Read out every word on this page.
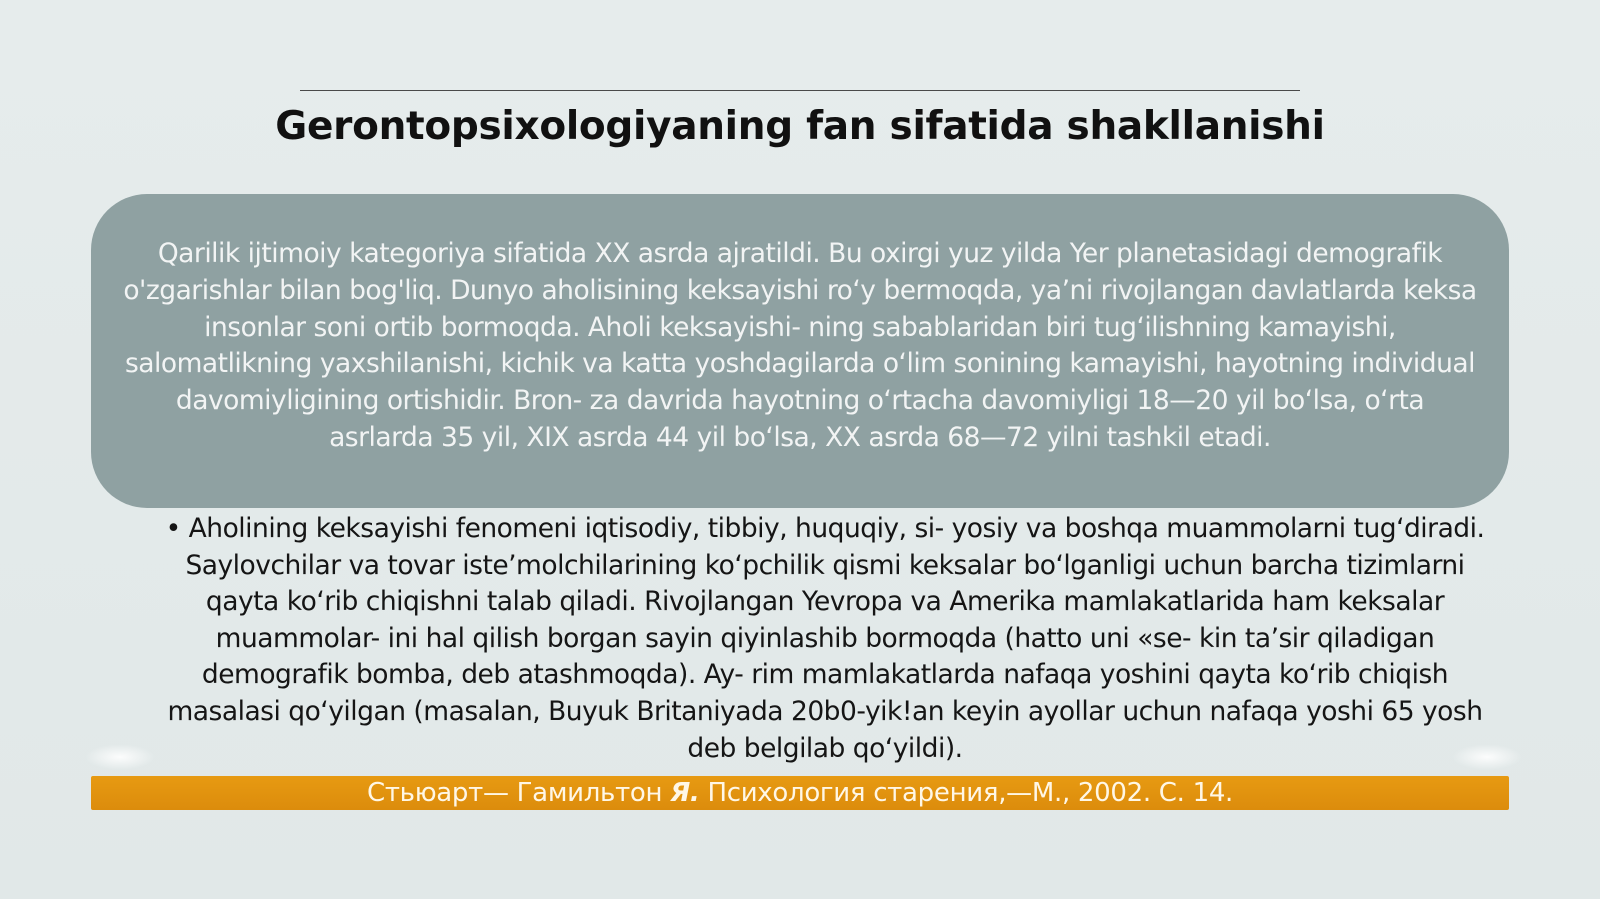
Gerontopsixologiyaning fan sifatida shakllanishi

Qarilik ijtimoiy kategoriya sifatida XX asrda ajratildi. Bu oxirgi yuz yilda Yer planetasidagi demografik o'zgarishlar bilan bog'liq. Dunyo aholisining keksayishi ro‘y bermoqda, ya’ni rivojlangan davlatlarda keksa insonlar soni ortib bormoqda. Aholi keksayishi- ning sabablaridan biri tug‘ilishning kamayishi, salomatlikning yaxshilanishi, kichik va katta yoshdagilarda o‘lim sonining kamayishi, hayotning individual davomiyligining ortishidir. Bron- za davrida hayotning o‘rtacha davomiyligi 18—20 yil bo‘lsa, o‘rta asrlarda 35 yil, XIX asrda 44 yil bo‘lsa, XX asrda 68—72 yilni tashkil etadi.

• Aholining keksayishi fenomeni iqtisodiy, tibbiy, huquqiy, si- yosiy va boshqa muammolarni tug‘diradi. Saylovchilar va tovar iste’molchilarining ko‘pchilik qismi keksalar bo‘lganligi uchun barcha tizimlarni qayta ko‘rib chiqishni talab qiladi. Rivojlangan Yevropa va Amerika mamlakatlarida ham keksalar muammolar- ini hal qilish borgan sayin qiyinlashib bormoqda (hatto uni «se- kin ta’sir qiladigan demografik bomba, deb atashmoqda). Ay- rim mamlakatlarda nafaqa yoshini qayta ko‘rib chiqish masalasi qo‘yilgan (masalan, Buyuk Britaniyada 20b0-yik!an keyin ayollar uchun nafaqa yoshi 65 yosh deb belgilab qo‘yildi).

Стьюарт— Гамильтон Я. Психология старения,—М., 2002. С. 14.
